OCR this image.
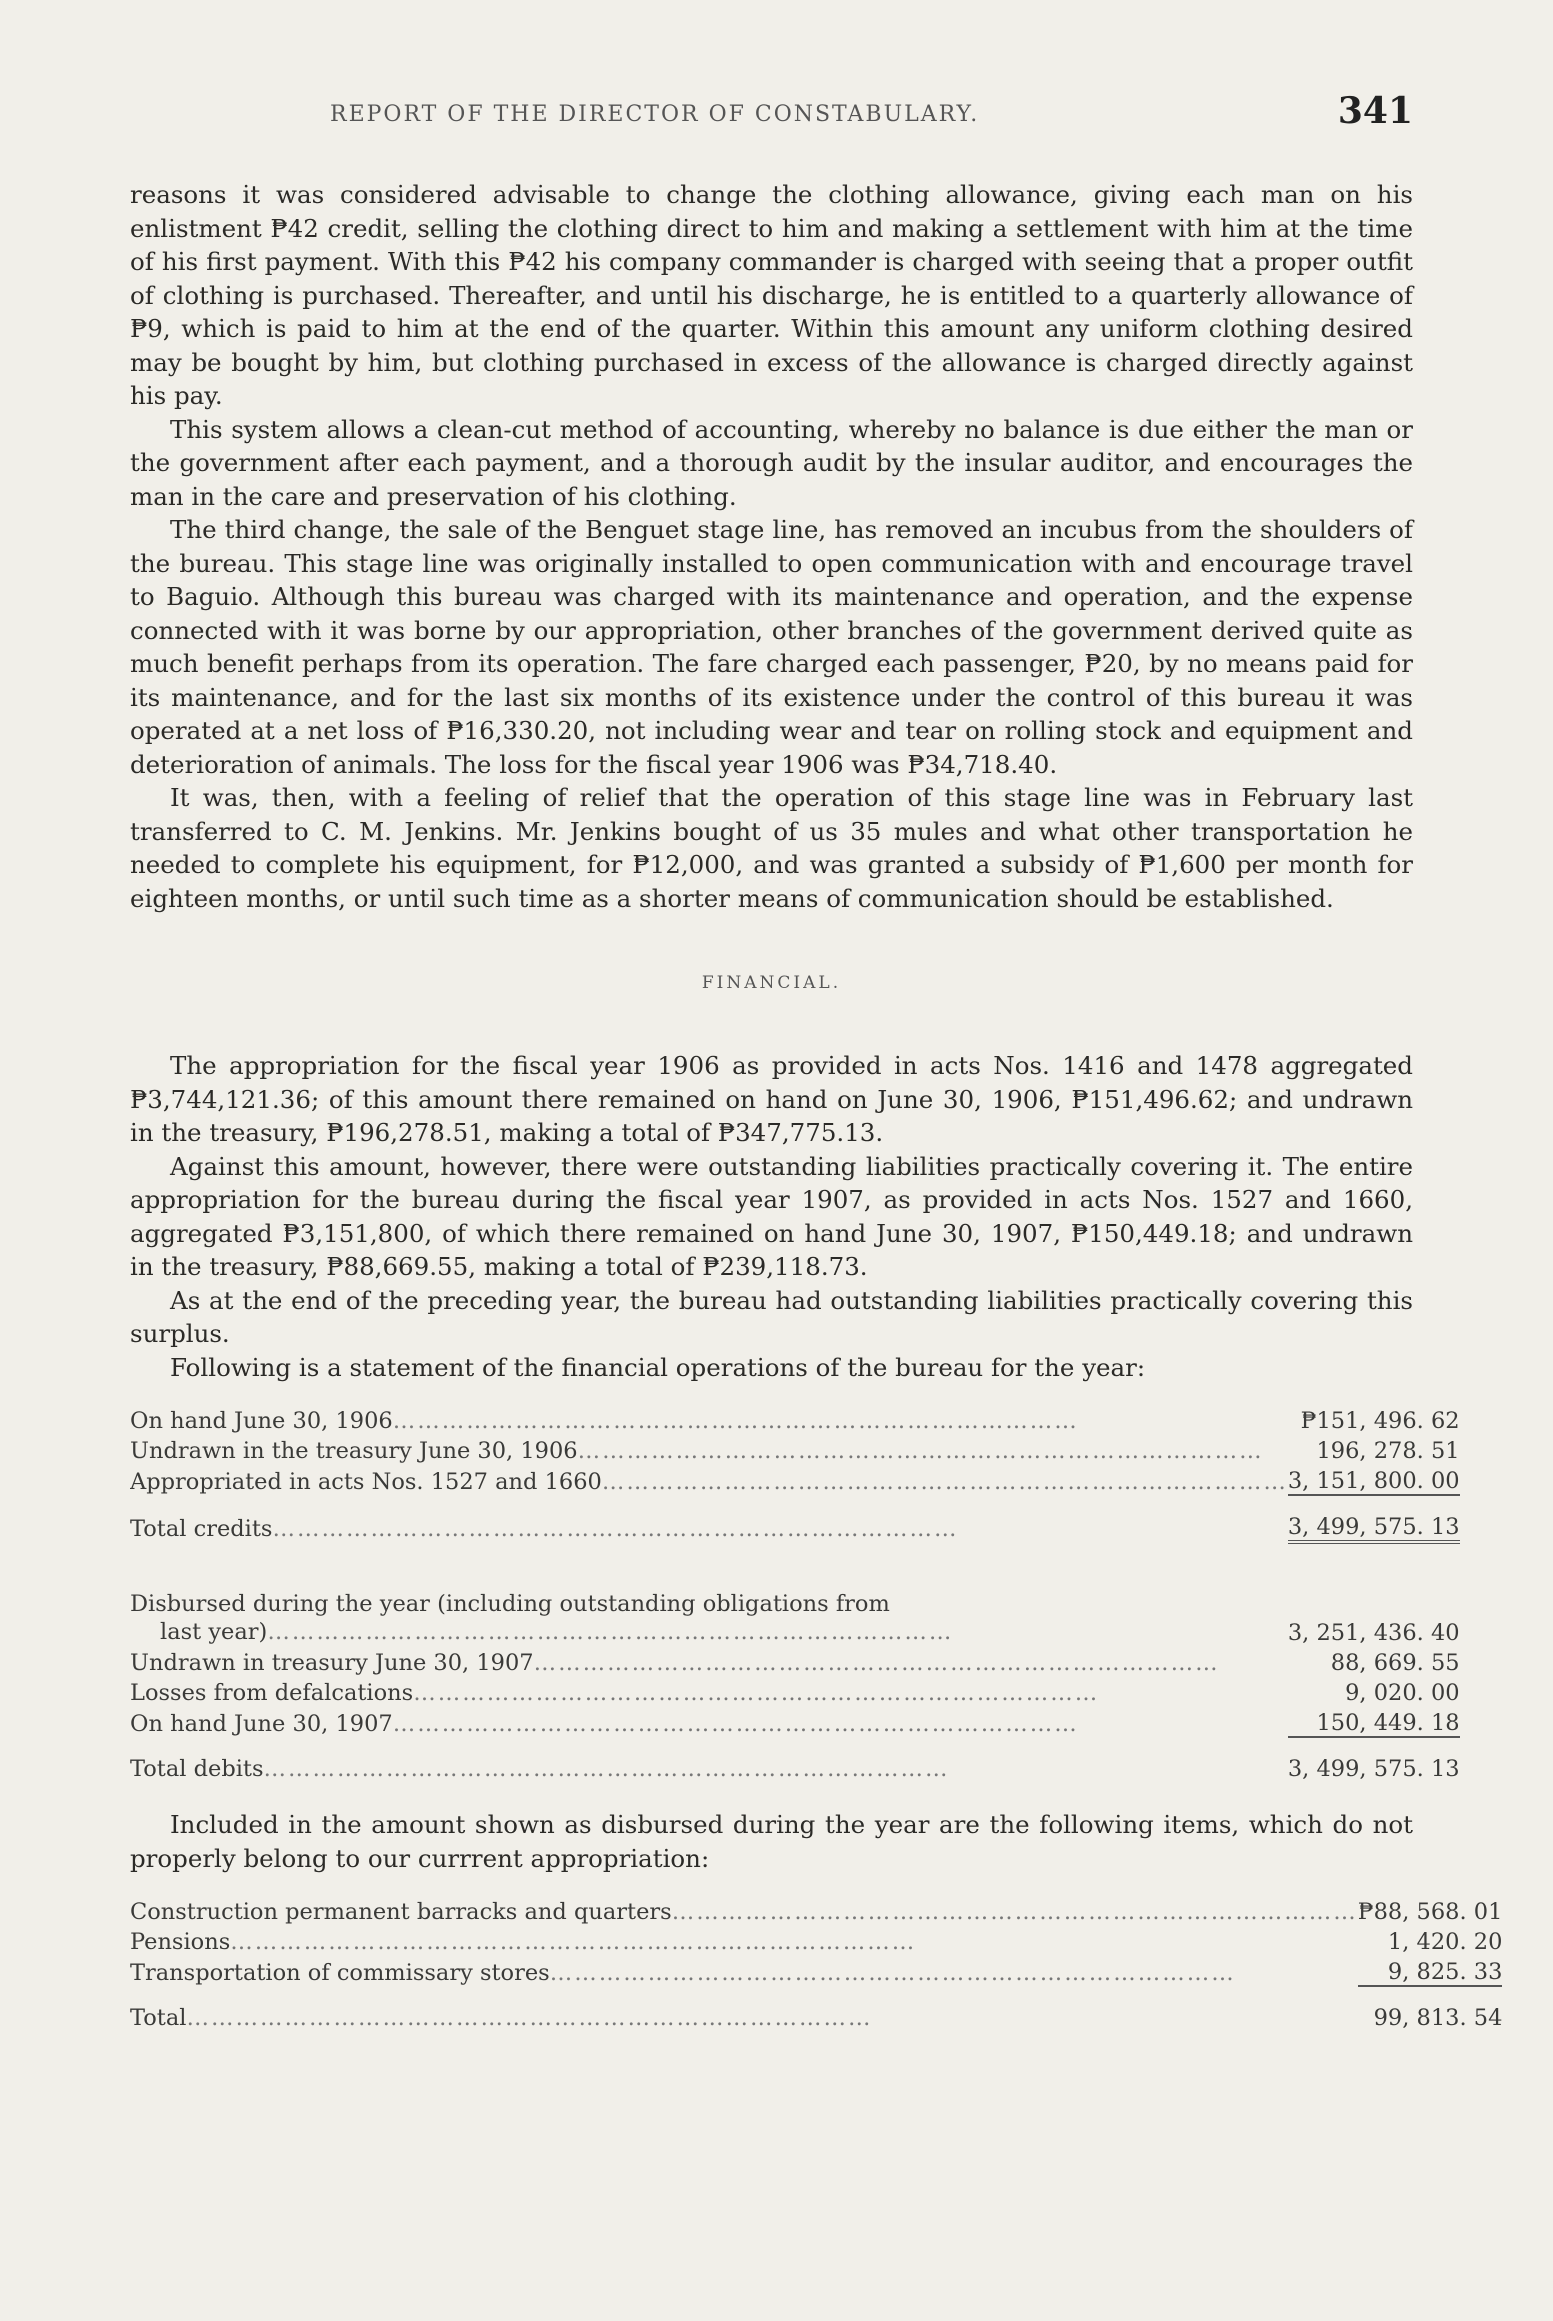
REPORT OF THE DIRECTOR OF CONSTABULARY.	341

reasons it was considered advisable to change the clothing allowance, giving each man on his enlistment ₱42 credit, selling the clothing direct to him and making a settlement with him at the time of his first payment. With this ₱42 his company commander is charged with seeing that a proper outfit of clothing is purchased. Thereafter, and until his discharge, he is entitled to a quarterly allowance of ₱9, which is paid to him at the end of the quarter. Within this amount any uniform clothing desired may be bought by him, but clothing purchased in excess of the allowance is charged directly against his pay.

This system allows a clean-cut method of accounting, whereby no balance is due either the man or the government after each payment, and a thorough audit by the insular auditor, and encourages the man in the care and preservation of his clothing.

The third change, the sale of the Benguet stage line, has removed an incubus from the shoulders of the bureau. This stage line was originally installed to open communication with and encourage travel to Baguio. Although this bureau was charged with its maintenance and operation, and the expense connected with it was borne by our appropriation, other branches of the government derived quite as much benefit perhaps from its operation. The fare charged each passenger, ₱20, by no means paid for its maintenance, and for the last six months of its existence under the control of this bureau it was operated at a net loss of ₱16,330.20, not including wear and tear on rolling stock and equipment and deterioration of animals. The loss for the fiscal year 1906 was ₱34,718.40.

It was, then, with a feeling of relief that the operation of this stage line was in February last transferred to C. M. Jenkins. Mr. Jenkins bought of us 35 mules and what other transportation he needed to complete his equipment, for ₱12,000, and was granted a subsidy of ₱1,600 per month for eighteen months, or until such time as a shorter means of communication should be established.

FINANCIAL.

The appropriation for the fiscal year 1906 as provided in acts Nos. 1416 and 1478 aggregated ₱3,744,121.36; of this amount there remained on hand on June 30, 1906, ₱151,496.62; and undrawn in the treasury, ₱196,278.51, making a total of ₱347,775.13.

Against this amount, however, there were outstanding liabilities practically covering it. The entire appropriation for the bureau during the fiscal year 1907, as provided in acts Nos. 1527 and 1660, aggregated ₱3,151,800, of which there remained on hand June 30, 1907, ₱150,449.18; and undrawn in the treasury, ₱88,669.55, making a total of ₱239,118.73.

As at the end of the preceding year, the bureau had outstanding liabilities practically covering this surplus.

Following is a statement of the financial operations of the bureau for the year:

On hand June 30, 1906…………………………………………………………………………	₱151, 496. 62
Undrawn in the treasury June 30, 1906…………………………………………………………………………	196, 278. 51
Appropriated in acts Nos. 1527 and 1660…………………………………………………………………………	3, 151, 800. 00
Total credits…………………………………………………………………………	3, 499, 575. 13

Disbursed during the year (including outstanding obligations from
last year)…………………………………………………………………………	3, 251, 436. 40
Undrawn in treasury June 30, 1907…………………………………………………………………………	88, 669. 55
Losses from defalcations…………………………………………………………………………	9, 020. 00
On hand June 30, 1907…………………………………………………………………………	150, 449. 18
Total debits…………………………………………………………………………	3, 499, 575. 13

Included in the amount shown as disbursed during the year are the following items, which do not properly belong to our currrent appropriation:

Construction permanent barracks and quarters…………………………………………………………………………	₱88, 568. 01
Pensions…………………………………………………………………………	1, 420. 20
Transportation of commissary stores…………………………………………………………………………	9, 825. 33
Total…………………………………………………………………………	99, 813. 54
